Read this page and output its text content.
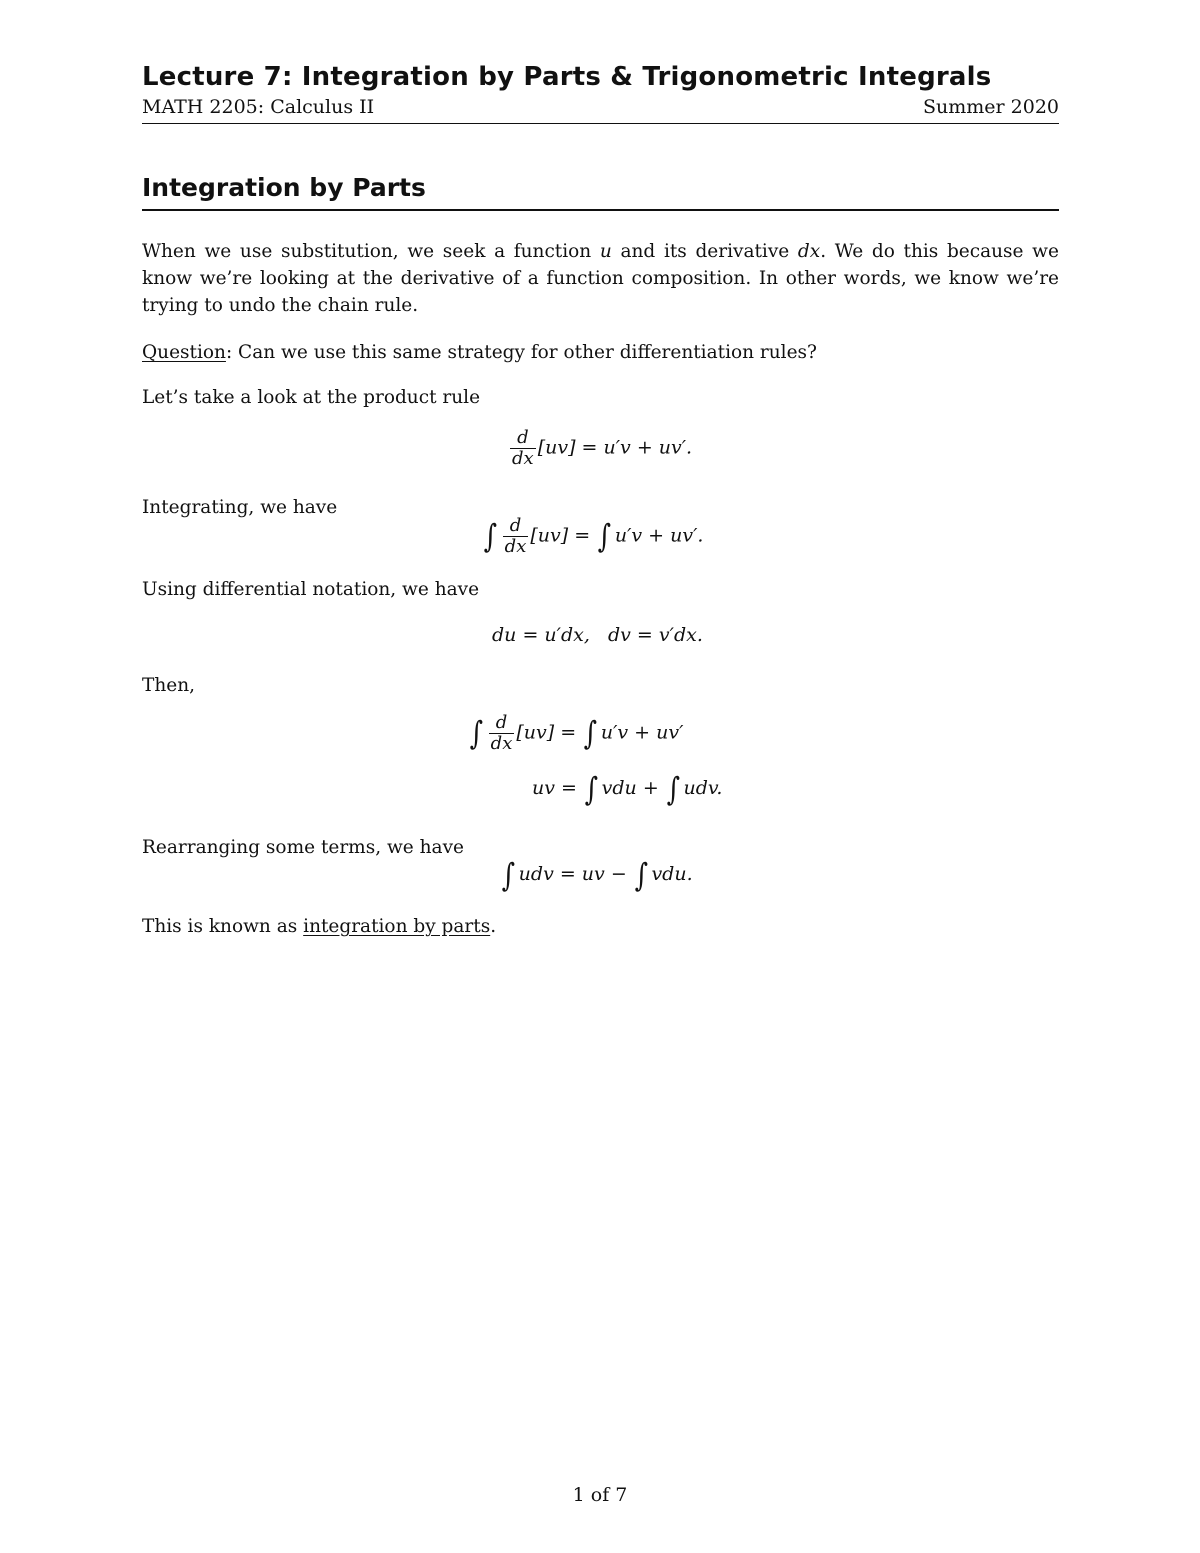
Lecture 7: Integration by Parts & Trigonometric Integrals
MATH 2205: Calculus II	Summer 2020
Integration by Parts

When we use substitution, we seek a function u and its derivative dx. We do this because we know we’re looking at the derivative of a function composition. In other words, we know we’re trying to undo the chain rule.

Question: Can we use this same strategy for other differentiation rules?

Let’s take a look at the product rule

$\frac{d}{dx} [uv] = u'v + uv'$.

Integrating, we have

∫ $\frac{d}{dx} [uv]$ = ∫ u′v + uv′.

Using differential notation, we have

du = u′dx, dv = v′dx.

Then,

∫ $\frac{d}{dx} [uv]$ = ∫ u′v + uv′
uv = ∫ vdu + ∫ udv.

Rearranging some terms, we have

∫ udv = uv − ∫ vdu.

This is known as integration by parts.

1 of 7
